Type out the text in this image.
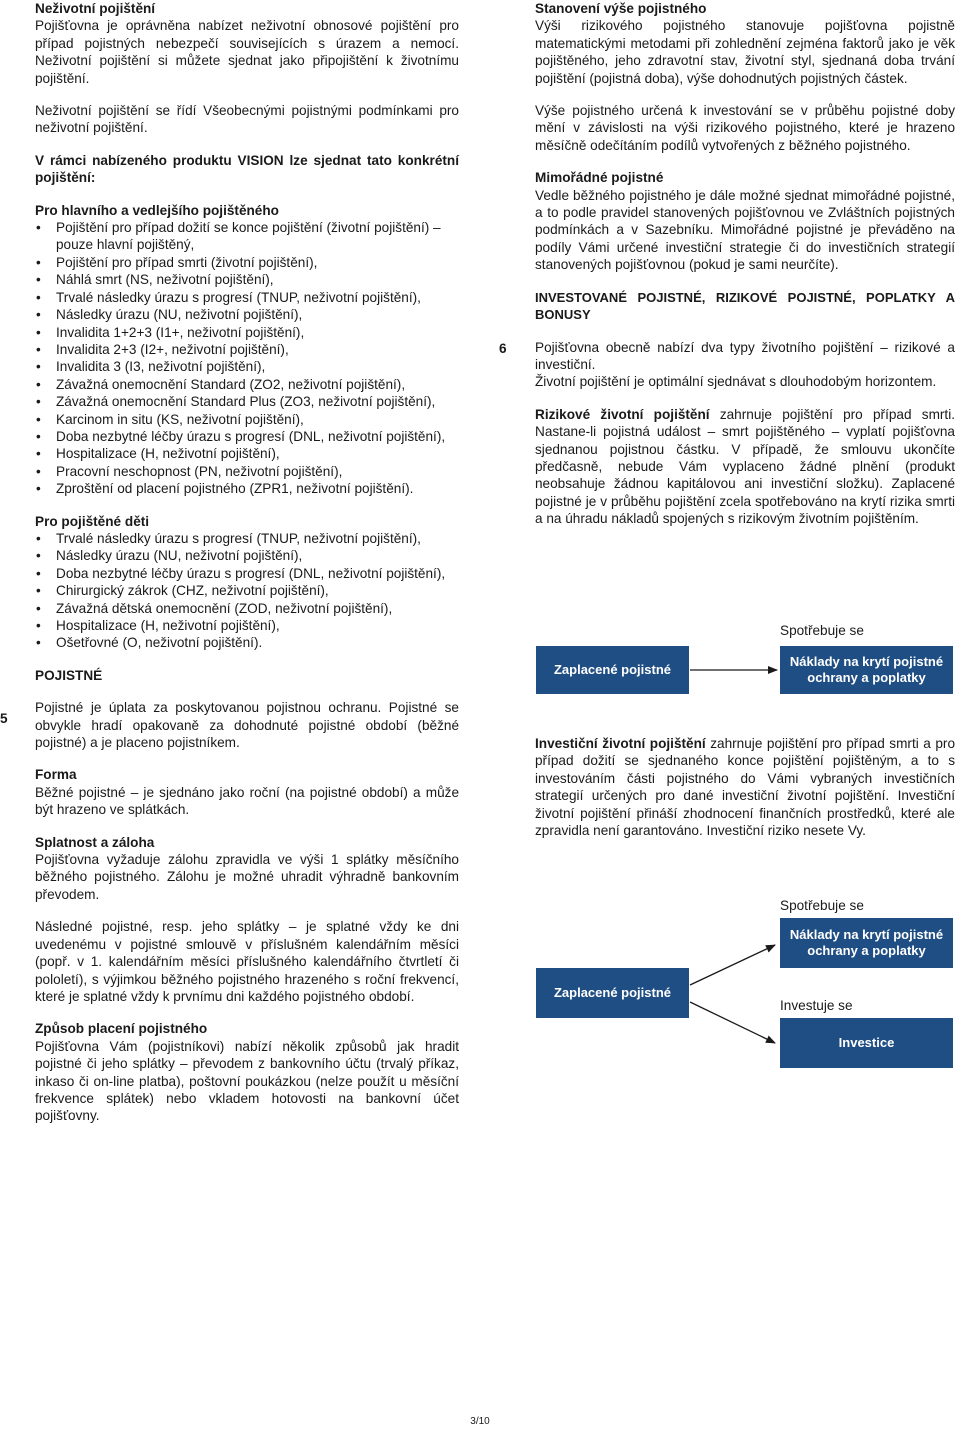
Neživotní pojištění

Pojišťovna je oprávněna nabízet neživotní obnosové pojištění pro případ pojistných nebezpečí souvisejících s úrazem a nemocí. Neživotní pojištění si můžete sjednat jako připojištění k životnímu pojištění.

Neživotní pojištění se řídí Všeobecnými pojistnými podmínkami pro neživotní pojištění.

V rámci nabízeného produktu VISION lze sjednat tato konkrétní pojištění:

Pro hlavního a vedlejšího pojištěného

• Pojištění pro případ dožití se konce pojištění (životní pojištění) – pouze hlavní pojištěný,
• Pojištění pro případ smrti (životní pojištění),
• Náhlá smrt (NS, neživotní pojištění),
• Trvalé následky úrazu s progresí (TNUP, neživotní pojištění),
• Následky úrazu (NU, neživotní pojištění),
• Invalidita 1+2+3 (I1+, neživotní pojištění),
• Invalidita 2+3 (I2+, neživotní pojištění),
• Invalidita 3 (I3, neživotní pojištění),
• Závažná onemocnění Standard (ZO2, neživotní pojištění),
• Závažná onemocnění Standard Plus (ZO3, neživotní pojištění),
• Karcinom in situ (KS, neživotní pojištění),
• Doba nezbytné léčby úrazu s progresí (DNL, neživotní pojištění),
• Hospitalizace (H, neživotní pojištění),
• Pracovní neschopnost (PN, neživotní pojištění),
• Zproštění od placení pojistného (ZPR1, neživotní pojištění).

Pro pojištěné děti

• Trvalé následky úrazu s progresí (TNUP, neživotní pojištění),
• Následky úrazu (NU, neživotní pojištění),
• Doba nezbytné léčby úrazu s progresí (DNL, neživotní pojištění),
• Chirurgický zákrok (CHZ, neživotní pojištění),
• Závažná dětská onemocnění (ZOD, neživotní pojištění),
• Hospitalizace (H, neživotní pojištění),
• Ošetřovné (O, neživotní pojištění).

POJISTNÉ

Pojistné je úplata za poskytovanou pojistnou ochranu. Pojistné se obvykle hradí opakovaně za dohodnuté pojistné období (běžné pojistné) a je placeno pojistníkem.

Forma

Běžné pojistné – je sjednáno jako roční (na pojistné období) a může být hrazeno ve splátkách.

Splatnost a záloha

Pojišťovna vyžaduje zálohu zpravidla ve výši 1 splátky měsíčního běžného pojistného. Zálohu je možné uhradit výhradně bankovním převodem.

Následné pojistné, resp. jeho splátky – je splatné vždy ke dni uvedenému v pojistné smlouvě v příslušném kalendářním měsíci (popř. v 1. kalendářním měsíci příslušného kalendářního čtvrtletí či pololetí), s výjimkou běžného pojistného hrazeného s roční frekvencí, které je splatné vždy k prvnímu dni každého pojistného období.

Způsob placení pojistného

Pojišťovna Vám (pojistníkovi) nabízí několik způsobů jak hradit pojistné či jeho splátky – převodem z bankovního účtu (trvalý příkaz, inkaso či on-line platba), poštovní poukázkou (nelze použít u měsíční frekvence splátek) nebo vkladem hotovosti na bankovní účet pojišťovny.

5
6

Stanovení výše pojistného

Výši rizikového pojistného stanovuje pojišťovna pojistně matematickými metodami při zohlednění zejména faktorů jako je věk pojištěného, jeho zdravotní stav, životní styl, sjednaná doba trvání pojištění (pojistná doba), výše dohodnutých pojistných částek.

Výše pojistného určená k investování se v průběhu pojistné doby mění v závislosti na výši rizikového pojistného, které je hrazeno měsíčně odečítáním podílů vytvořených z běžného pojistného.

Mimořádné pojistné

Vedle běžného pojistného je dále možné sjednat mimořádné pojistné, a to podle pravidel stanovených pojišťovnou ve Zvláštních pojistných podmínkách a v Sazebníku. Mimořádné pojistné je převáděno na podíly Vámi určené investiční strategie či do investičních strategií stanovených pojišťovnou (pokud je sami neurčíte).

INVESTOVANÉ POJISTNÉ, RIZIKOVÉ POJISTNÉ, POPLATKY A BONUSY

Pojišťovna obecně nabízí dva typy životního pojištění – rizikové a investiční.

Životní pojištění je optimální sjednávat s dlouhodobým horizontem.

Rizikové životní pojištění zahrnuje pojištění pro případ smrti. Nastane-li pojistná událost – smrt pojištěného – vyplatí pojišťovna sjednanou pojistnou částku. V případě, že smlouvu ukončíte předčasně, nebude Vám vyplaceno žádné plnění (produkt neobsahuje žádnou kapitálovou ani investiční složku). Zaplacené pojistné je v průběhu pojištění zcela spotřebováno na krytí rizika smrti a na úhradu nákladů spojených s rizikovým životním pojištěním.

Spotřebuje se
Zaplacené pojistné
Náklady na krytí pojistné ochrany a poplatky

Investiční životní pojištění zahrnuje pojištění pro případ smrti a pro případ dožití se sjednaného konce pojištění pojištěným, a to s investováním části pojistného do Vámi vybraných investičních strategií určených pro dané investiční životní pojištění. Investiční životní pojištění přináší zhodnocení finančních prostředků, které ale zpravidla není garantováno. Investiční riziko nesete Vy.

Spotřebuje se
Náklady na krytí pojistné ochrany a poplatky
Zaplacené pojistné
Investuje se
Investice
3/10
